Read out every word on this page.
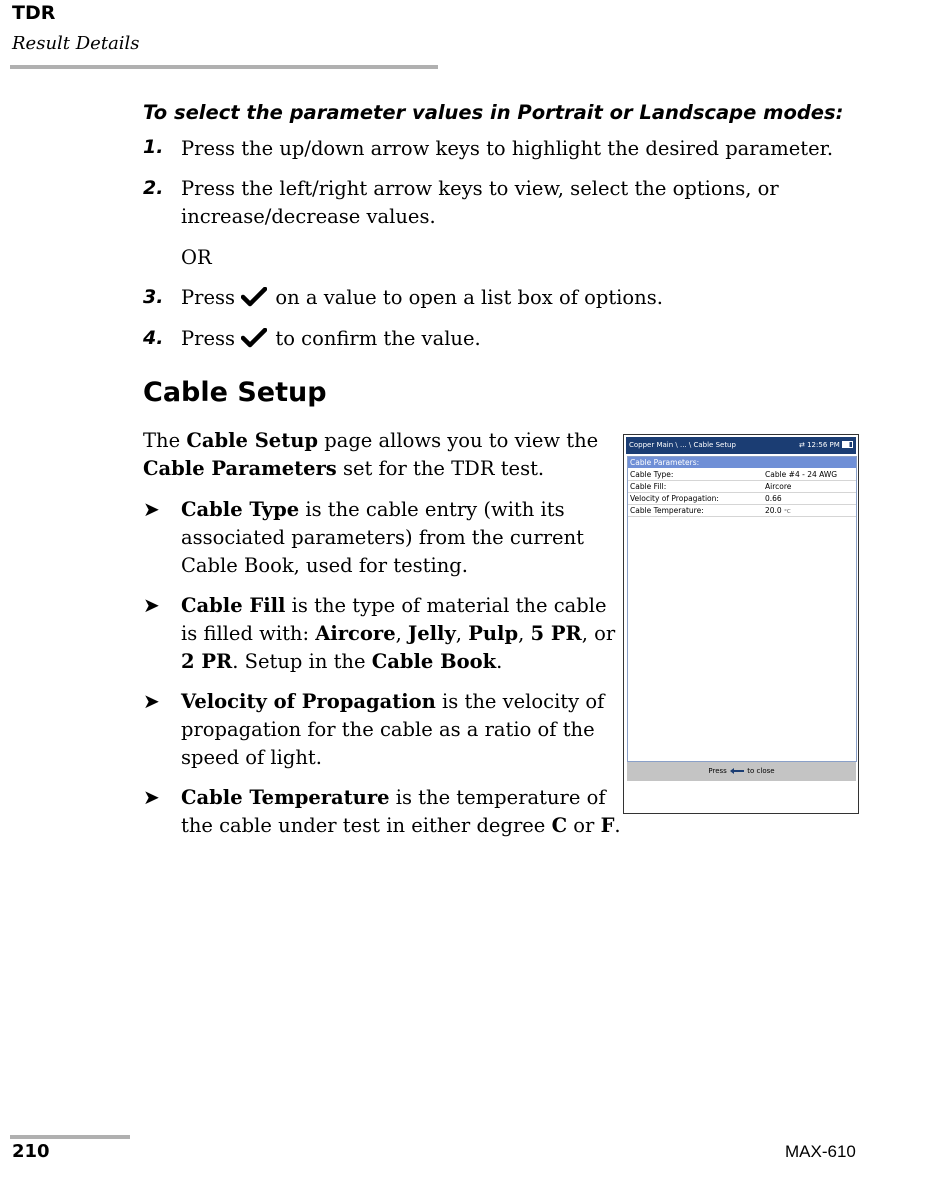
TDR
Result Details
To select the parameter values in Portrait or Landscape modes:
1. Press the up/down arrow keys to highlight the desired parameter.
2. Press the left/right arrow keys to view, select the options, or
increase/decrease values.
OR
3. Press on a value to open a list box of options.
4. Press to confirm the value.
Cable Setup
The Cable Setup page allows you to view the
Cable Parameters set for the TDR test.
➤ Cable Type is the cable entry (with its associated parameters) from the current Cable Book, used for testing.
➤ Cable Fill is the type of material the cable is filled with: Aircore, Jelly, Pulp, 5 PR, or 2 PR. Setup in the Cable Book.
➤ Velocity of Propagation is the velocity of propagation for the cable as a ratio of the speed of light.
➤ Cable Temperature is the temperature of the cable under test in either degree C or F.
Copper Main \ ... \ Cable Setup	⇄ 12:56 PM
Cable Parameters:
Cable Type:	Cable #4 - 24 AWG
Cable Fill:	Aircore
Velocity of Propagation:	0.66
Cable Temperature:	20.0 °C
Press	to close
210	MAX-610
